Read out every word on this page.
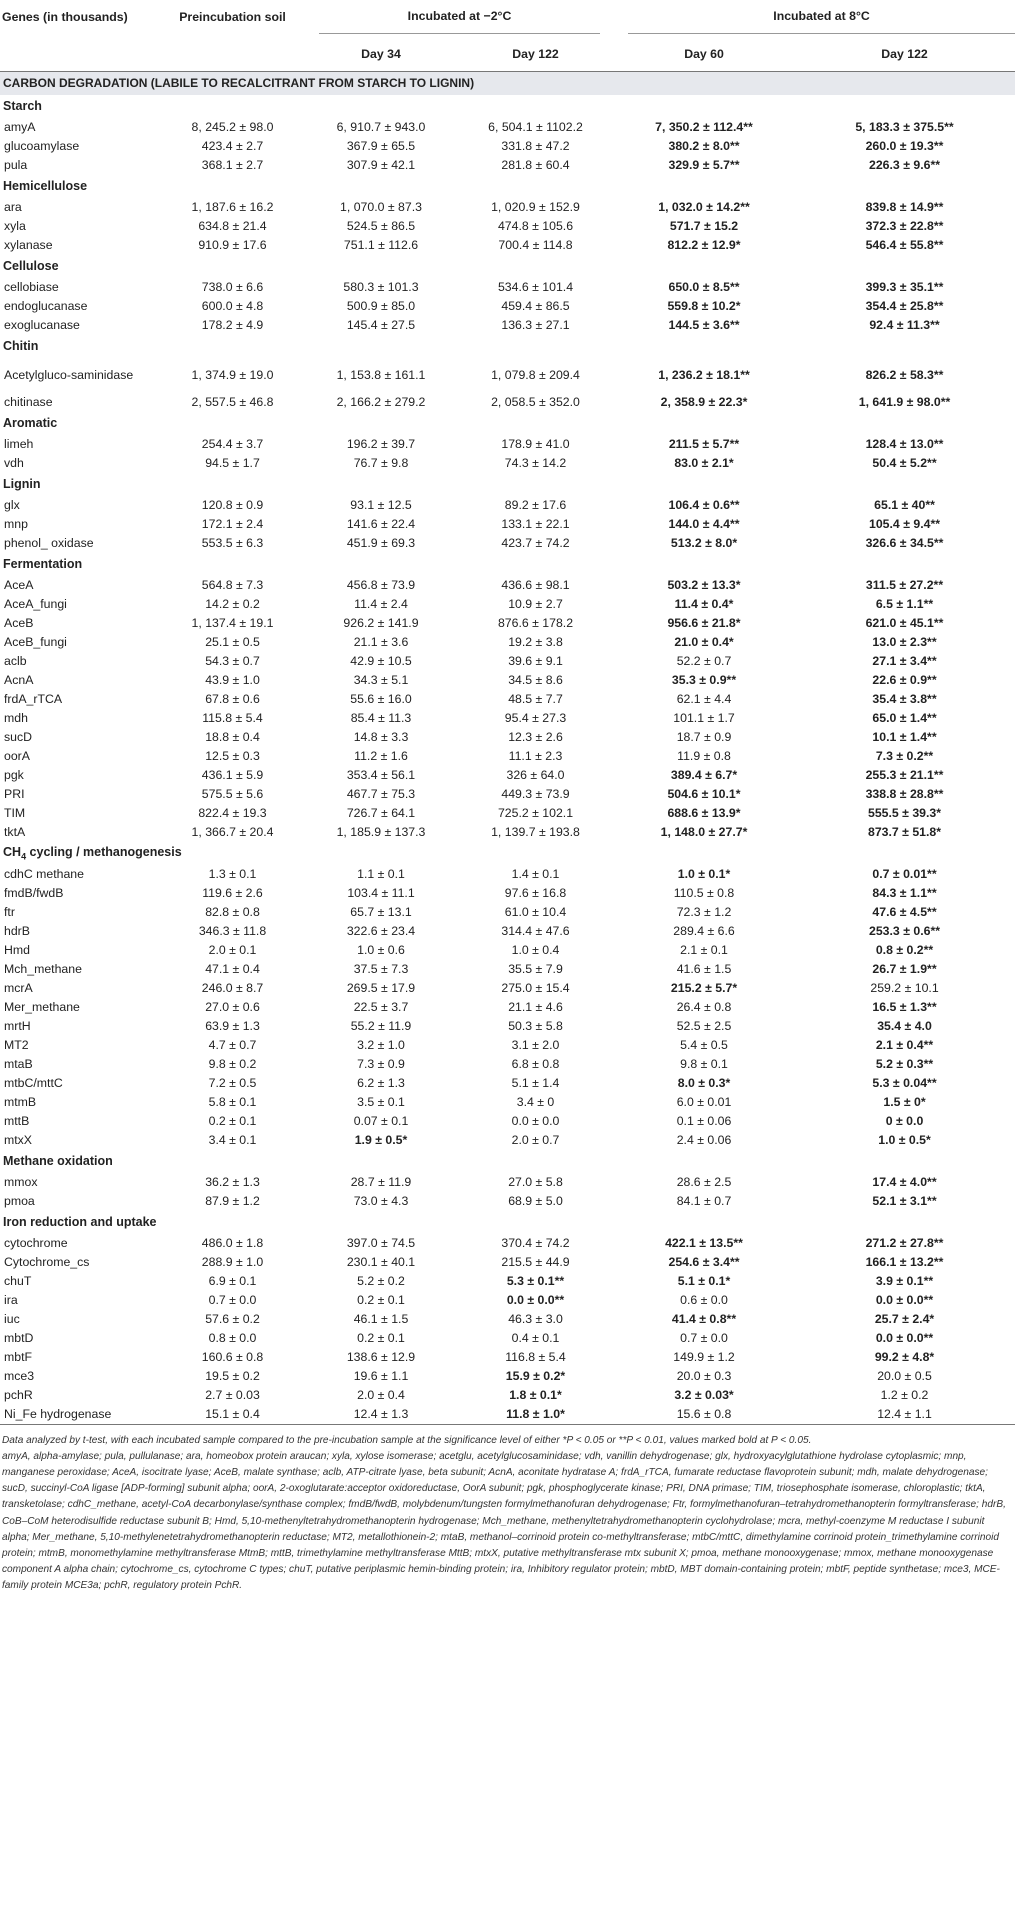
Genes (in thousands)	Preincubation soil	Incubated at −2°C		Incubated at 8°C	

		Day 34	Day 122	Day 60	Day 122
CARBON DEGRADATION (LABILE TO RECALCITRANT FROM STARCH TO LIGNIN)					
Starch					
amyA	8, 245.2 ± 98.0	6, 910.7 ± 943.0	6, 504.1 ± 1102.2	7, 350.2 ± 112.4**	5, 183.3 ± 375.5**
glucoamylase	423.4 ± 2.7	367.9 ± 65.5	331.8 ± 47.2	380.2 ± 8.0**	260.0 ± 19.3**
pula	368.1 ± 2.7	307.9 ± 42.1	281.8 ± 60.4	329.9 ± 5.7**	226.3 ± 9.6**
Hemicellulose					
ara	1, 187.6 ± 16.2	1, 070.0 ± 87.3	1, 020.9 ± 152.9	1, 032.0 ± 14.2**	839.8 ± 14.9**
xyla	634.8 ± 21.4	524.5 ± 86.5	474.8 ± 105.6	571.7 ± 15.2	372.3 ± 22.8**
xylanase	910.9 ± 17.6	751.1 ± 112.6	700.4 ± 114.8	812.2 ± 12.9*	546.4 ± 55.8**
Cellulose					
cellobiase	738.0 ± 6.6	580.3 ± 101.3	534.6 ± 101.4	650.0 ± 8.5**	399.3 ± 35.1**
endoglucanase	600.0 ± 4.8	500.9 ± 85.0	459.4 ± 86.5	559.8 ± 10.2*	354.4 ± 25.8**
exoglucanase	178.2 ± 4.9	145.4 ± 27.5	136.3 ± 27.1	144.5 ± 3.6**	92.4 ± 11.3**
Chitin					
Acetylgluco-saminidase	1, 374.9 ± 19.0	1, 153.8 ± 161.1	1, 079.8 ± 209.4	1, 236.2 ± 18.1**	826.2 ± 58.3**
chitinase	2, 557.5 ± 46.8	2, 166.2 ± 279.2	2, 058.5 ± 352.0	2, 358.9 ± 22.3*	1, 641.9 ± 98.0**
Aromatic					
limeh	254.4 ± 3.7	196.2 ± 39.7	178.9 ± 41.0	211.5 ± 5.7**	128.4 ± 13.0**
vdh	94.5 ± 1.7	76.7 ± 9.8	74.3 ± 14.2	83.0 ± 2.1*	50.4 ± 5.2**
Lignin					
glx	120.8 ± 0.9	93.1 ± 12.5	89.2 ± 17.6	106.4 ± 0.6**	65.1 ± 40**
mnp	172.1 ± 2.4	141.6 ± 22.4	133.1 ± 22.1	144.0 ± 4.4**	105.4 ± 9.4**
phenol_ oxidase	553.5 ± 6.3	451.9 ± 69.3	423.7 ± 74.2	513.2 ± 8.0*	326.6 ± 34.5**
Fermentation					
AceA	564.8 ± 7.3	456.8 ± 73.9	436.6 ± 98.1	503.2 ± 13.3*	311.5 ± 27.2**
AceA_fungi	14.2 ± 0.2	11.4 ± 2.4	10.9 ± 2.7	11.4 ± 0.4*	6.5 ± 1.1**
AceB	1, 137.4 ± 19.1	926.2 ± 141.9	876.6 ± 178.2	956.6 ± 21.8*	621.0 ± 45.1**
AceB_fungi	25.1 ± 0.5	21.1 ± 3.6	19.2 ± 3.8	21.0 ± 0.4*	13.0 ± 2.3**
aclb	54.3 ± 0.7	42.9 ± 10.5	39.6 ± 9.1	52.2 ± 0.7	27.1 ± 3.4**
AcnA	43.9 ± 1.0	34.3 ± 5.1	34.5 ± 8.6	35.3 ± 0.9**	22.6 ± 0.9**
frdA_rTCA	67.8 ± 0.6	55.6 ± 16.0	48.5 ± 7.7	62.1 ± 4.4	35.4 ± 3.8**
mdh	115.8 ± 5.4	85.4 ± 11.3	95.4 ± 27.3	101.1 ± 1.7	65.0 ± 1.4**
sucD	18.8 ± 0.4	14.8 ± 3.3	12.3 ± 2.6	18.7 ± 0.9	10.1 ± 1.4**
oorA	12.5 ± 0.3	11.2 ± 1.6	11.1 ± 2.3	11.9 ± 0.8	7.3 ± 0.2**
pgk	436.1 ± 5.9	353.4 ± 56.1	326 ± 64.0	389.4 ± 6.7*	255.3 ± 21.1**
PRI	575.5 ± 5.6	467.7 ± 75.3	449.3 ± 73.9	504.6 ± 10.1*	338.8 ± 28.8**
TIM	822.4 ± 19.3	726.7 ± 64.1	725.2 ± 102.1	688.6 ± 13.9*	555.5 ± 39.3*
tktA	1, 366.7 ± 20.4	1, 185.9 ± 137.3	1, 139.7 ± 193.8	1, 148.0 ± 27.7*	873.7 ± 51.8*
$CH_4$ cycling / methanogenesis					
cdhC methane	1.3 ± 0.1	1.1 ± 0.1	1.4 ± 0.1	1.0 ± 0.1*	0.7 ± 0.01**
fmdB/fwdB	119.6 ± 2.6	103.4 ± 11.1	97.6 ± 16.8	110.5 ± 0.8	84.3 ± 1.1**
ftr	82.8 ± 0.8	65.7 ± 13.1	61.0 ± 10.4	72.3 ± 1.2	47.6 ± 4.5**
hdrB	346.3 ± 11.8	322.6 ± 23.4	314.4 ± 47.6	289.4 ± 6.6	253.3 ± 0.6**
Hmd	2.0 ± 0.1	1.0 ± 0.6	1.0 ± 0.4	2.1 ± 0.1	0.8 ± 0.2**
Mch_methane	47.1 ± 0.4	37.5 ± 7.3	35.5 ± 7.9	41.6 ± 1.5	26.7 ± 1.9**
mcrA	246.0 ± 8.7	269.5 ± 17.9	275.0 ± 15.4	215.2 ± 5.7*	259.2 ± 10.1
Mer_methane	27.0 ± 0.6	22.5 ± 3.7	21.1 ± 4.6	26.4 ± 0.8	16.5 ± 1.3**
mrtH	63.9 ± 1.3	55.2 ± 11.9	50.3 ± 5.8	52.5 ± 2.5	35.4 ± 4.0
MT2	4.7 ± 0.7	3.2 ± 1.0	3.1 ± 2.0	5.4 ± 0.5	2.1 ± 0.4**
mtaB	9.8 ± 0.2	7.3 ± 0.9	6.8 ± 0.8	9.8 ± 0.1	5.2 ± 0.3**
mtbC/mttC	7.2 ± 0.5	6.2 ± 1.3	5.1 ± 1.4	8.0 ± 0.3*	5.3 ± 0.04**
mtmB	5.8 ± 0.1	3.5 ± 0.1	3.4 ± 0	6.0 ± 0.01	1.5 ± 0*
mttB	0.2 ± 0.1	0.07 ± 0.1	0.0 ± 0.0	0.1 ± 0.06	0 ± 0.0
mtxX	3.4 ± 0.1	1.9 ± 0.5*	2.0 ± 0.7	2.4 ± 0.06	1.0 ± 0.5*
Methane oxidation					
mmox	36.2 ± 1.3	28.7 ± 11.9	27.0 ± 5.8	28.6 ± 2.5	17.4 ± 4.0**
pmoa	87.9 ± 1.2	73.0 ± 4.3	68.9 ± 5.0	84.1 ± 0.7	52.1 ± 3.1**
Iron reduction and uptake					
cytochrome	486.0 ± 1.8	397.0 ± 74.5	370.4 ± 74.2	422.1 ± 13.5**	271.2 ± 27.8**
Cytochrome_cs	288.9 ± 1.0	230.1 ± 40.1	215.5 ± 44.9	254.6 ± 3.4**	166.1 ± 13.2**
chuT	6.9 ± 0.1	5.2 ± 0.2	5.3 ± 0.1**	5.1 ± 0.1*	3.9 ± 0.1**
ira	0.7 ± 0.0	0.2 ± 0.1	0.0 ± 0.0**	0.6 ± 0.0	0.0 ± 0.0**
iuc	57.6 ± 0.2	46.1 ± 1.5	46.3 ± 3.0	41.4 ± 0.8**	25.7 ± 2.4*
mbtD	0.8 ± 0.0	0.2 ± 0.1	0.4 ± 0.1	0.7 ± 0.0	0.0 ± 0.0**
mbtF	160.6 ± 0.8	138.6 ± 12.9	116.8 ± 5.4	149.9 ± 1.2	99.2 ± 4.8*
mce3	19.5 ± 0.2	19.6 ± 1.1	15.9 ± 0.2*	20.0 ± 0.3	20.0 ± 0.5
pchR	2.7 ± 0.03	2.0 ± 0.4	1.8 ± 0.1*	3.2 ± 0.03*	1.2 ± 0.2
Ni_Fe hydrogenase	15.1 ± 0.4	12.4 ± 1.3	11.8 ± 1.0*	15.6 ± 0.8	12.4 ± 1.1

Data analyzed by t-test, with each incubated sample compared to the pre-incubation sample at the significance level of either *P < 0.05 or **P < 0.01, values marked bold at P < 0.05.

amyA, alpha-amylase; pula, pullulanase; ara, homeobox protein araucan; xyla, xylose isomerase; acetglu, acetylglucosaminidase; vdh, vanillin dehydrogenase; glx, hydroxyacylglutathione hydrolase cytoplasmic; mnp, manganese peroxidase; AceA, isocitrate lyase; AceB, malate synthase; aclb, ATP-citrate lyase, beta subunit; AcnA, aconitate hydratase A; frdA_rTCA, fumarate reductase flavoprotein subunit; mdh, malate dehydrogenase; sucD, succinyl-CoA ligase [ADP-forming] subunit alpha; oorA, 2-oxoglutarate:acceptor oxidoreductase, OorA subunit; pgk, phosphoglycerate kinase; PRI, DNA primase; TIM, triosephosphate isomerase, chloroplastic; tktA, transketolase; cdhC_methane, acetyl-CoA decarbonylase/synthase complex; fmdB/fwdB, molybdenum/tungsten formylmethanofuran dehydrogenase; Ftr, formylmethanofuran–tetrahydromethanopterin formyltransferase; hdrB, CoB–CoM heterodisulfide reductase subunit B; Hmd, 5,10-methenyltetrahydromethanopterin hydrogenase; Mch_methane, methenyltetrahydromethanopterin cyclohydrolase; mcra, methyl-coenzyme M reductase I subunit alpha; Mer_methane, 5,10-methylenetetrahydromethanopterin reductase; MT2, metallothionein-2; mtaB, methanol–corrinoid protein co-methyltransferase; mtbC/mttC, dimethylamine corrinoid protein_trimethylamine corrinoid protein; mtmB, monomethylamine methyltransferase MtmB; mttB, trimethylamine methyltransferase MttB; mtxX, putative methyltransferase mtx subunit X; pmoa, methane monooxygenase; mmox, methane monooxygenase component A alpha chain; cytochrome_cs, cytochrome C types; chuT, putative periplasmic hemin-binding protein; ira, Inhibitory regulator protein; mbtD, MBT domain-containing protein; mbtF, peptide synthetase; mce3, MCE-family protein MCE3a; pchR, regulatory protein PchR.
